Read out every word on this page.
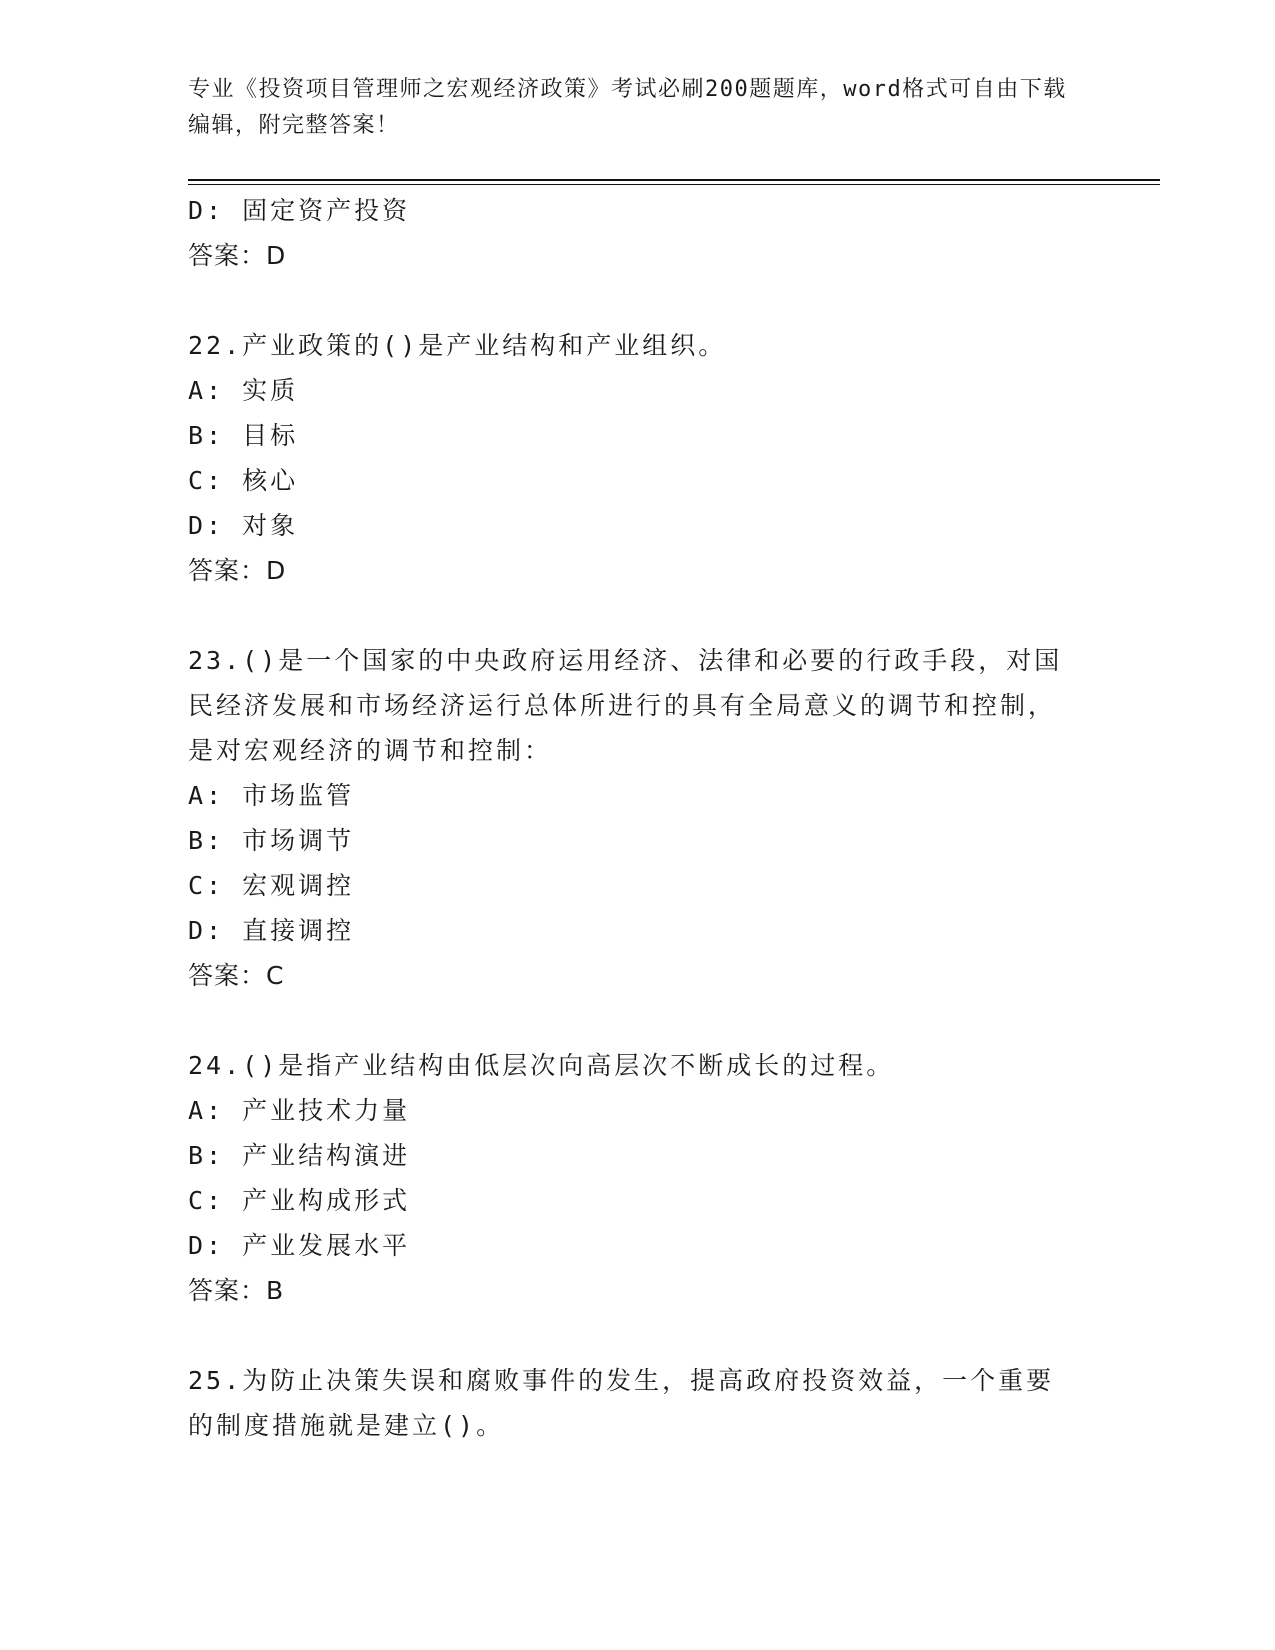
专业《投资项目管理师之宏观经济政策》考试必刷200题题库，word格式可自由下载编辑，附完整答案！
D: 固定资产投资
答案：D
22.产业政策的()是产业结构和产业组织。
A: 实质
B: 目标
C: 核心
D: 对象
答案：D
23.()是一个国家的中央政府运用经济、法律和必要的行政手段，对国民经济发展和市场经济运行总体所进行的具有全局意义的调节和控制，是对宏观经济的调节和控制：
A: 市场监管
B: 市场调节
C: 宏观调控
D: 直接调控
答案：C
24.()是指产业结构由低层次向高层次不断成长的过程。
A: 产业技术力量
B: 产业结构演进
C: 产业构成形式
D: 产业发展水平
答案：B
25.为防止决策失误和腐败事件的发生，提高政府投资效益，一个重要的制度措施就是建立()。
